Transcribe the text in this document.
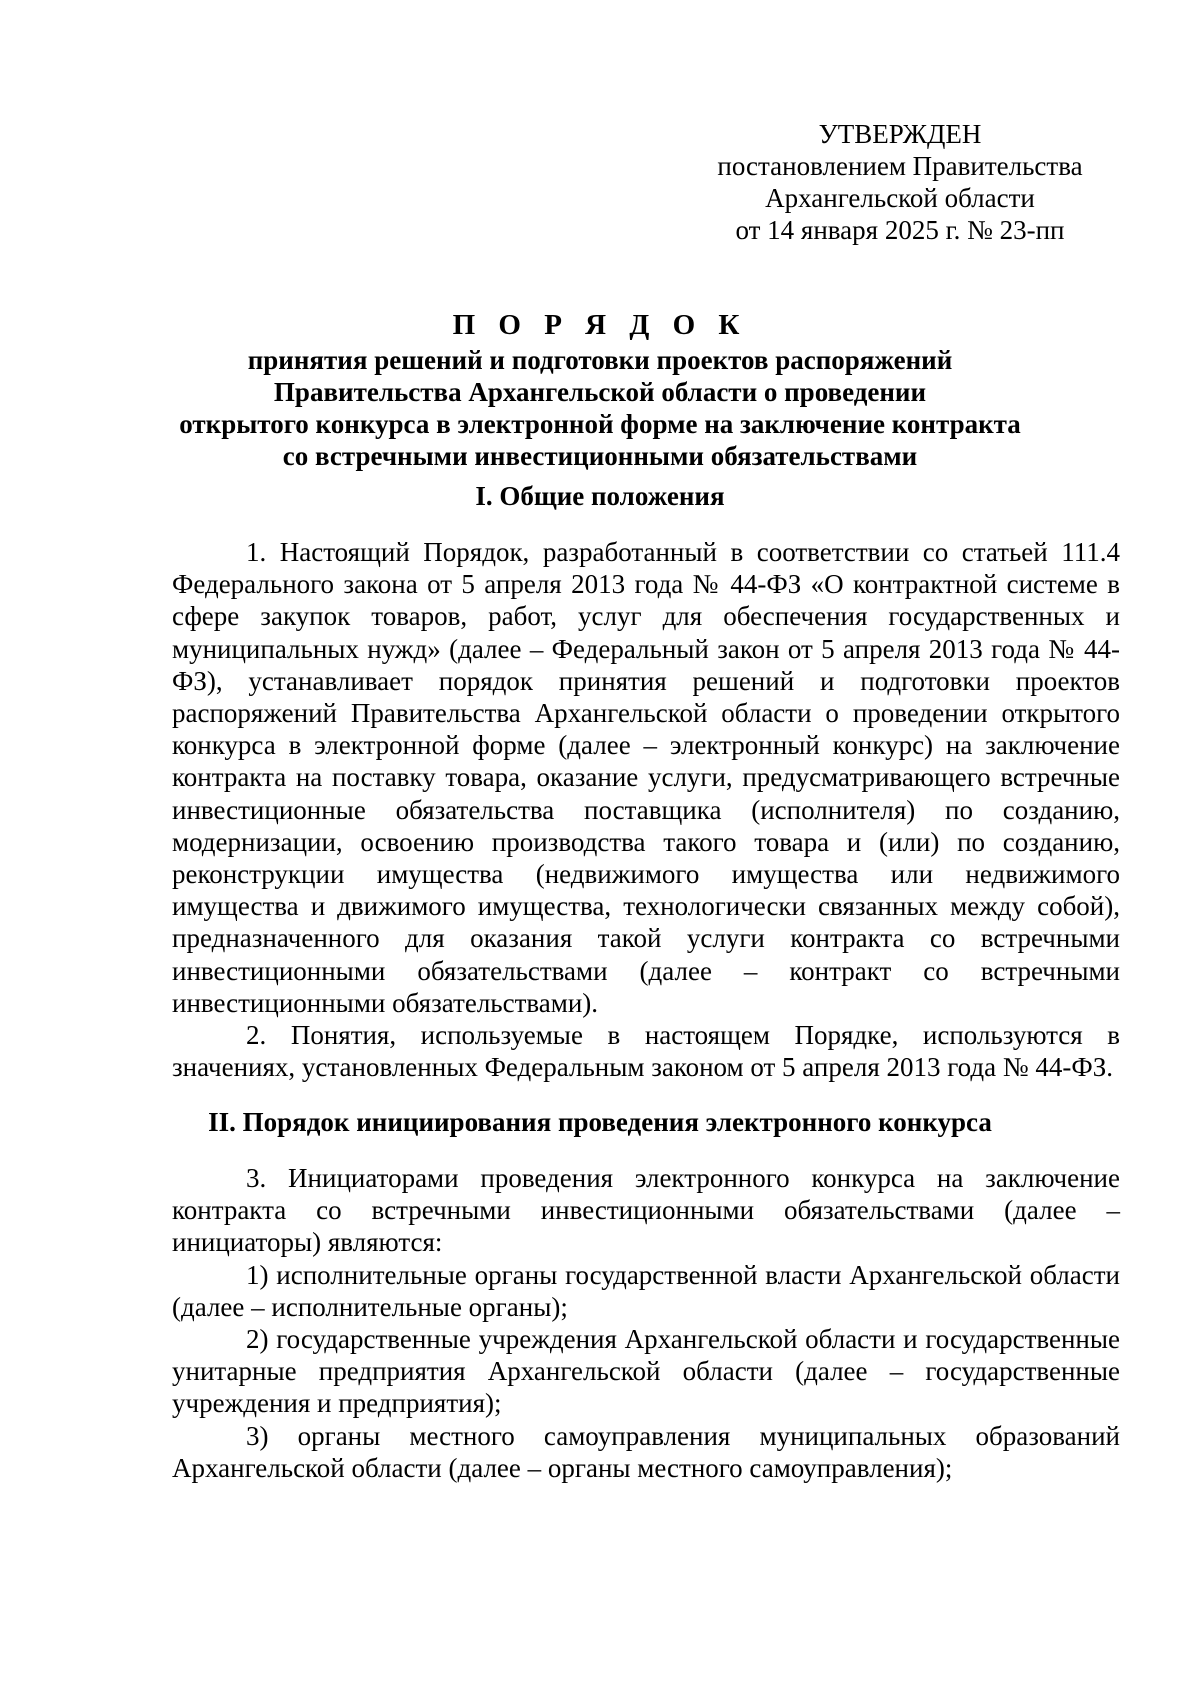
УТВЕРЖДЕН
постановлением Правительства
Архангельской области
от 14 января 2025 г. № 23-пп
П О Р Я Д О К
принятия решений и подготовки проектов распоряжений
Правительства Архангельской области о проведении
открытого конкурса в электронной форме на заключение контракта
со встречными инвестиционными обязательствами
I. Общие положения

1. Настоящий Порядок, разработанный в соответствии со статьей 111.4 Федерального закона от 5 апреля 2013 года № 44-ФЗ «О контрактной системе в сфере закупок товаров, работ, услуг для обеспечения государственных и муниципальных нужд» (далее – Федеральный закон от 5 апреля 2013 года № 44-ФЗ), устанавливает порядок принятия решений и подготовки проектов распоряжений Правительства Архангельской области о проведении открытого конкурса в электронной форме (далее – электронный конкурс) на заключение контракта на поставку товара, оказание услуги, предусматривающего встречные инвестиционные обязательства поставщика (исполнителя) по созданию, модернизации, освоению производства такого товара и (или) по созданию, реконструкции имущества (недвижимого имущества или недвижимого имущества и движимого имущества, технологически связанных между собой), предназначенного для оказания такой услуги контракта со встречными инвестиционными обязательствами (далее – контракт со встречными инвестиционными обязательствами).

2. Понятия, используемые в настоящем Порядке, используются в значениях, установленных Федеральным законом от 5 апреля 2013 года № 44-ФЗ.

II. Порядок инициирования проведения электронного конкурса

3. Инициаторами проведения электронного конкурса на заключение контракта со встречными инвестиционными обязательствами (далее – инициаторы) являются:

1) исполнительные органы государственной власти Архангельской области (далее – исполнительные органы);

2) государственные учреждения Архангельской области и государственные унитарные предприятия Архангельской области (далее – государственные учреждения и предприятия);

3) органы местного самоуправления муниципальных образований Архангельской области (далее – органы местного самоуправления);
